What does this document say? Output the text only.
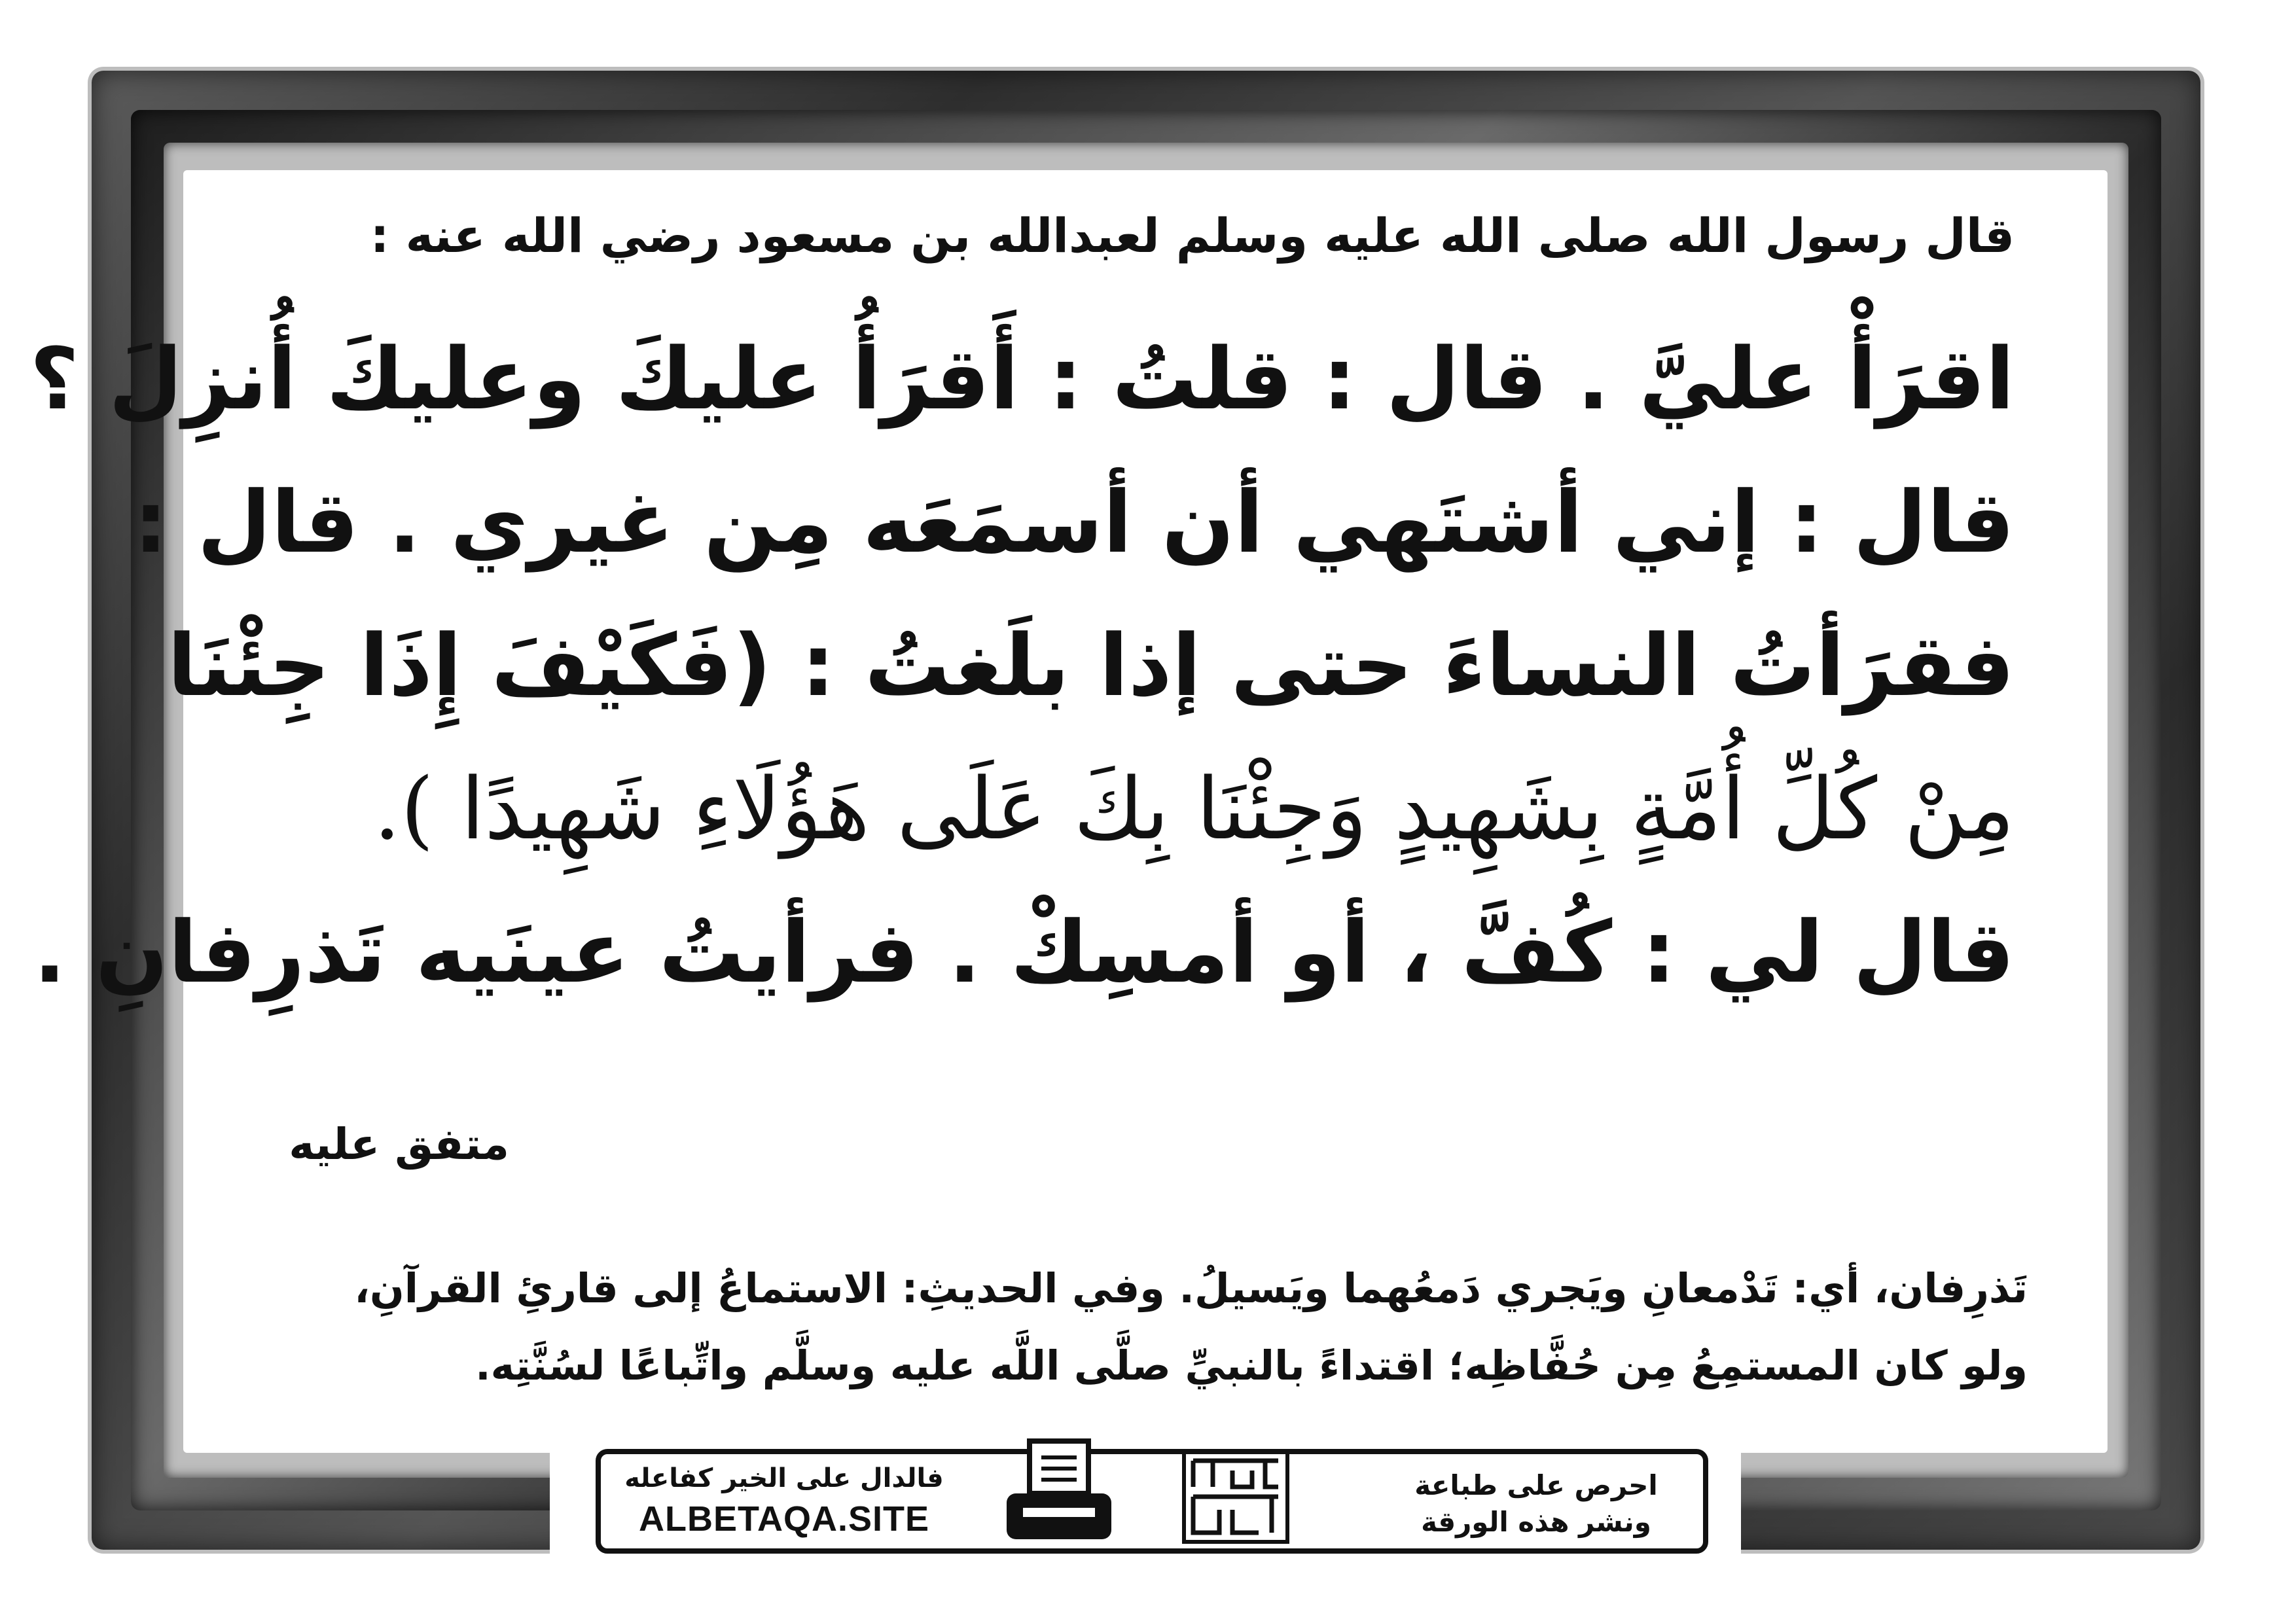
قال رسول الله صلى الله عليه وسلم لعبدالله بن مسعود رضي الله عنه :
اقرَأْ عليَّ . قال : قلتُ : أَقرَأُ عليكَ وعليكَ أُنزِلَ ؟
قال : إني أشتَهي أن أسمَعَه مِن غيري . قال :
فقرَأتُ النساءَ حتى إذا بلَغتُ : (فَكَيْفَ إِذَا جِئْنَا
مِنْ كُلِّ أُمَّةٍ بِشَهِيدٍ وَجِئْنَا بِكَ عَلَى هَؤُلَاءِ شَهِيدًا ).
قال لي : كُفَّ ، أو أمسِكْ . فرأيتُ عينَيه تَذرِفانِ .
متفق عليه
تَذرِفان، أي: تَدْمعانِ ويَجري دَمعُهما ويَسيلُ. وفي الحديثِ: الاستماعُ إلى قارئِ القرآنِ،
ولو كان المستمِعُ مِن حُفَّاظِه؛ اقتداءً بالنبيِّ صلَّى اللَّه عليه وسلَّم واتِّباعًا لسُنَّتِه.
فالدال على الخير كفاعله
ALBETAQA.SITE
احرص على طباعة
ونشر هذه الورقة
